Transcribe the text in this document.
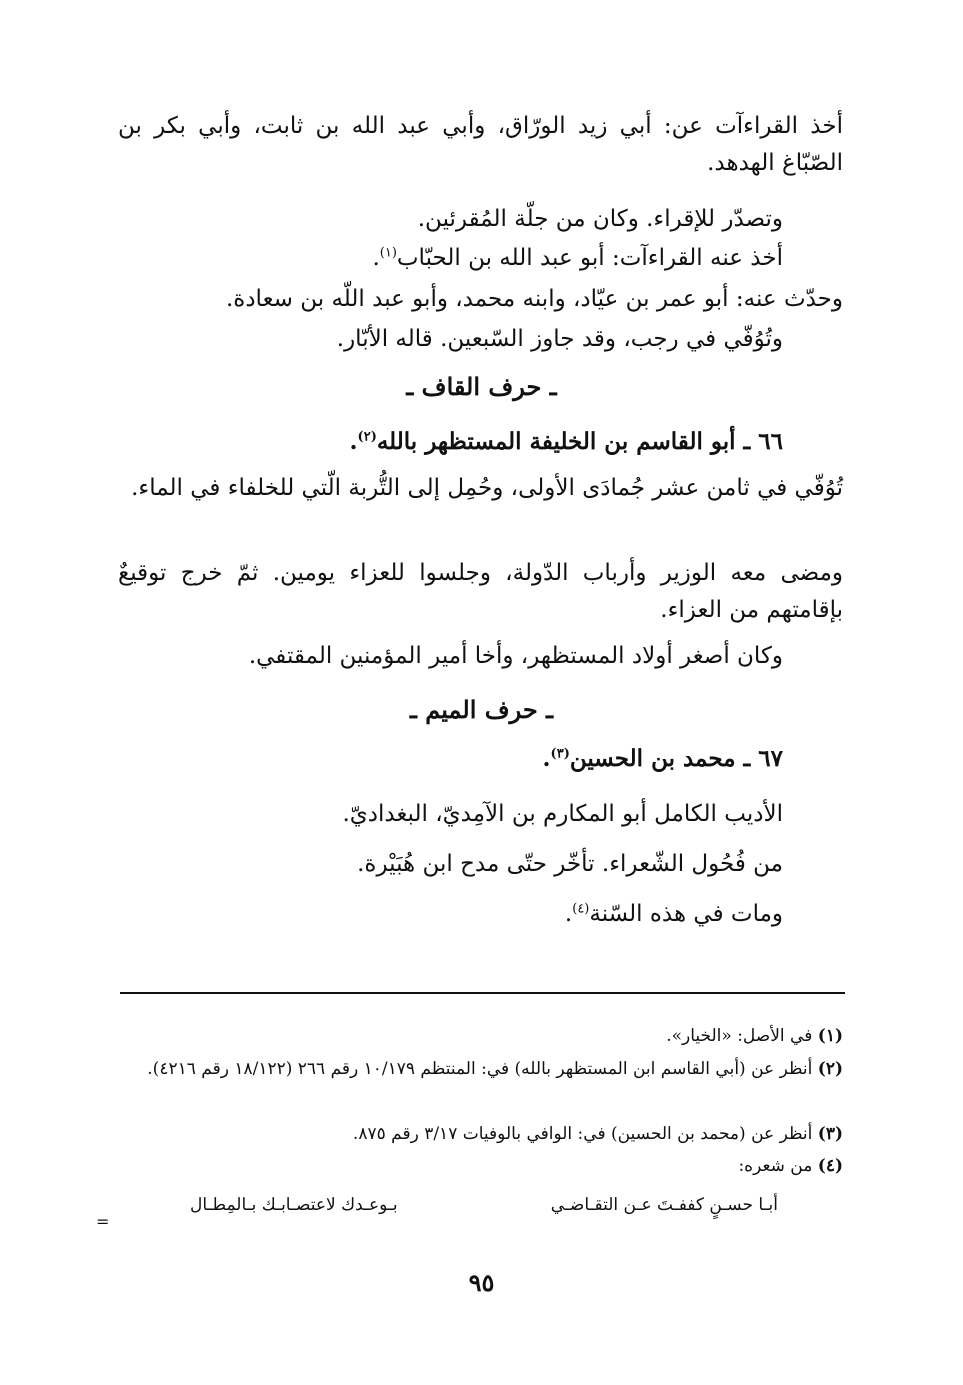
أخذ القراءآت عن: أبي زيد الورّاق، وأبي عبد الله بن ثابت، وأبي بكر بن الصّبّاغ الهدهد.
وتصدّر للإقراء. وكان من جلّة المُقرئين.
أخذ عنه القراءآت: أبو عبد الله بن الحبّاب$^{(١)}$.
وحدّث عنه: أبو عمر بن عيّاد، وابنه محمد، وأبو عبد اللّه بن سعادة.
وتُوُفّي في رجب، وقد جاوز السّبعين. قاله الأبّار.
ـ حرف القاف ـ
٦٦ ـ أبو القاسم بن الخليفة المستظهر بالله$^{(٢)}$.
تُوُفّي في ثامن عشر جُمادَى الأولى، وحُمِل إلى التُّربة الّتي للخلفاء في الماء.
ومضى معه الوزير وأرباب الدّولة، وجلسوا للعزاء يومين. ثمّ خرج توقيعٌ بإقامتهم من العزاء.
وكان أصغر أولاد المستظهر، وأخا أمير المؤمنين المقتفي.
ـ حرف الميم ـ
٦٧ ـ محمد بن الحسين$^{(٣)}$.
الأديب الكامل أبو المكارم بن الآمِديّ، البغداديّ.
من فُحُول الشّعراء. تأخّر حتّى مدح ابن هُبَيْرة.
ومات في هذه السّنة$^{(٤)}$.
(١) في الأصل: «الخيار».
(٢) أنظر عن (أبي القاسم ابن المستظهر بالله) في: المنتظم ١٠/١٧٩ رقم ٢٦٦ (١٨/١٢٢ رقم ٤٢١٦).
(٣) أنظر عن (محمد بن الحسين) في: الوافي بالوفيات ٣/١٧ رقم ٨٧٥.
(٤) من شعره:
أبـا حسـنٍ كففـتَ عـن التقـاضـي
بـوعـدك لاعتصـابـك بـالمِطـال
=
٩٥
